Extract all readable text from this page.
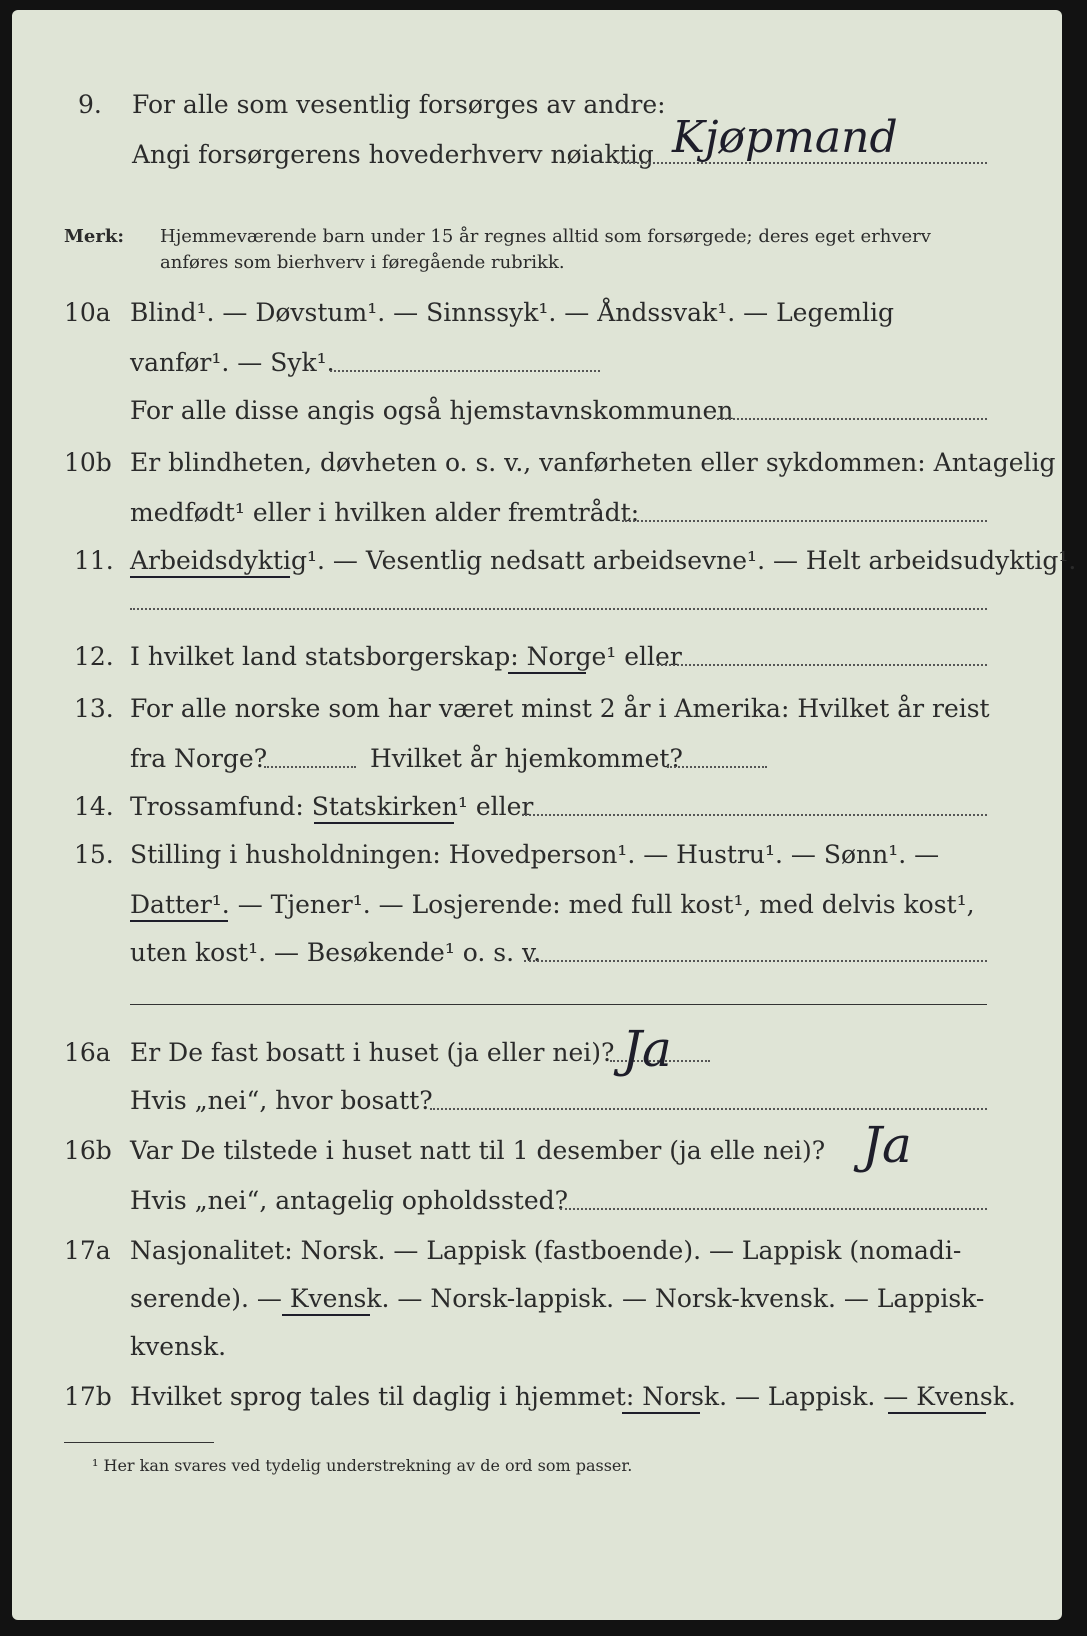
9. For alle som vesentlig forsørges av andre:
Angi forsørgerens hovederhverv nøiaktig Kjøpmand
Merk: Hjemmeværende barn under 15 år regnes alltid som forsørgede; deres eget erhverv
anføres som bierhverv i føregående rubrikk.
10a Blind¹. — Døvstum¹. — Sinnssyk¹. — Åndssvak¹. — Legemlig
vanfør¹. — Syk¹.
For alle disse angis også hjemstavnskommunen
10b Er blindheten, døvheten o. s. v., vanførheten eller sykdommen: Antagelig
medfødt¹ eller i hvilken alder fremtrådt:
11. Arbeidsdyktig¹. — Vesentlig nedsatt arbeidsevne¹. — Helt arbeidsudyktig¹.
12. I hvilket land statsborgerskap: Norge¹ eller
13. For alle norske som har været minst 2 år i Amerika: Hvilket år reist
fra Norge?	Hvilket år hjemkommet?
14. Trossamfund: Statskirken¹ eller
15. Stilling i husholdningen: Hovedperson¹. — Hustru¹. — Sønn¹. —
Datter¹. — Tjener¹. — Losjerende: med full kost¹, med delvis kost¹,
uten kost¹. — Besøkende¹ o. s. v.
16a Er De fast bosatt i huset (ja eller nei)? Ja
Hvis „nei“, hvor bosatt?
16b Var De tilstede i huset natt til 1 desember (ja elle nei)? Ja
Hvis „nei“, antagelig opholdssted?
17a Nasjonalitet: Norsk. — Lappisk (fastboende). — Lappisk (nomadi-
serende). — Kvensk. — Norsk-lappisk. — Norsk-kvensk. — Lappisk-
kvensk.
17b Hvilket sprog tales til daglig i hjemmet: Norsk. — Lappisk. — Kvensk.
¹ Her kan svares ved tydelig understrekning av de ord som passer.
